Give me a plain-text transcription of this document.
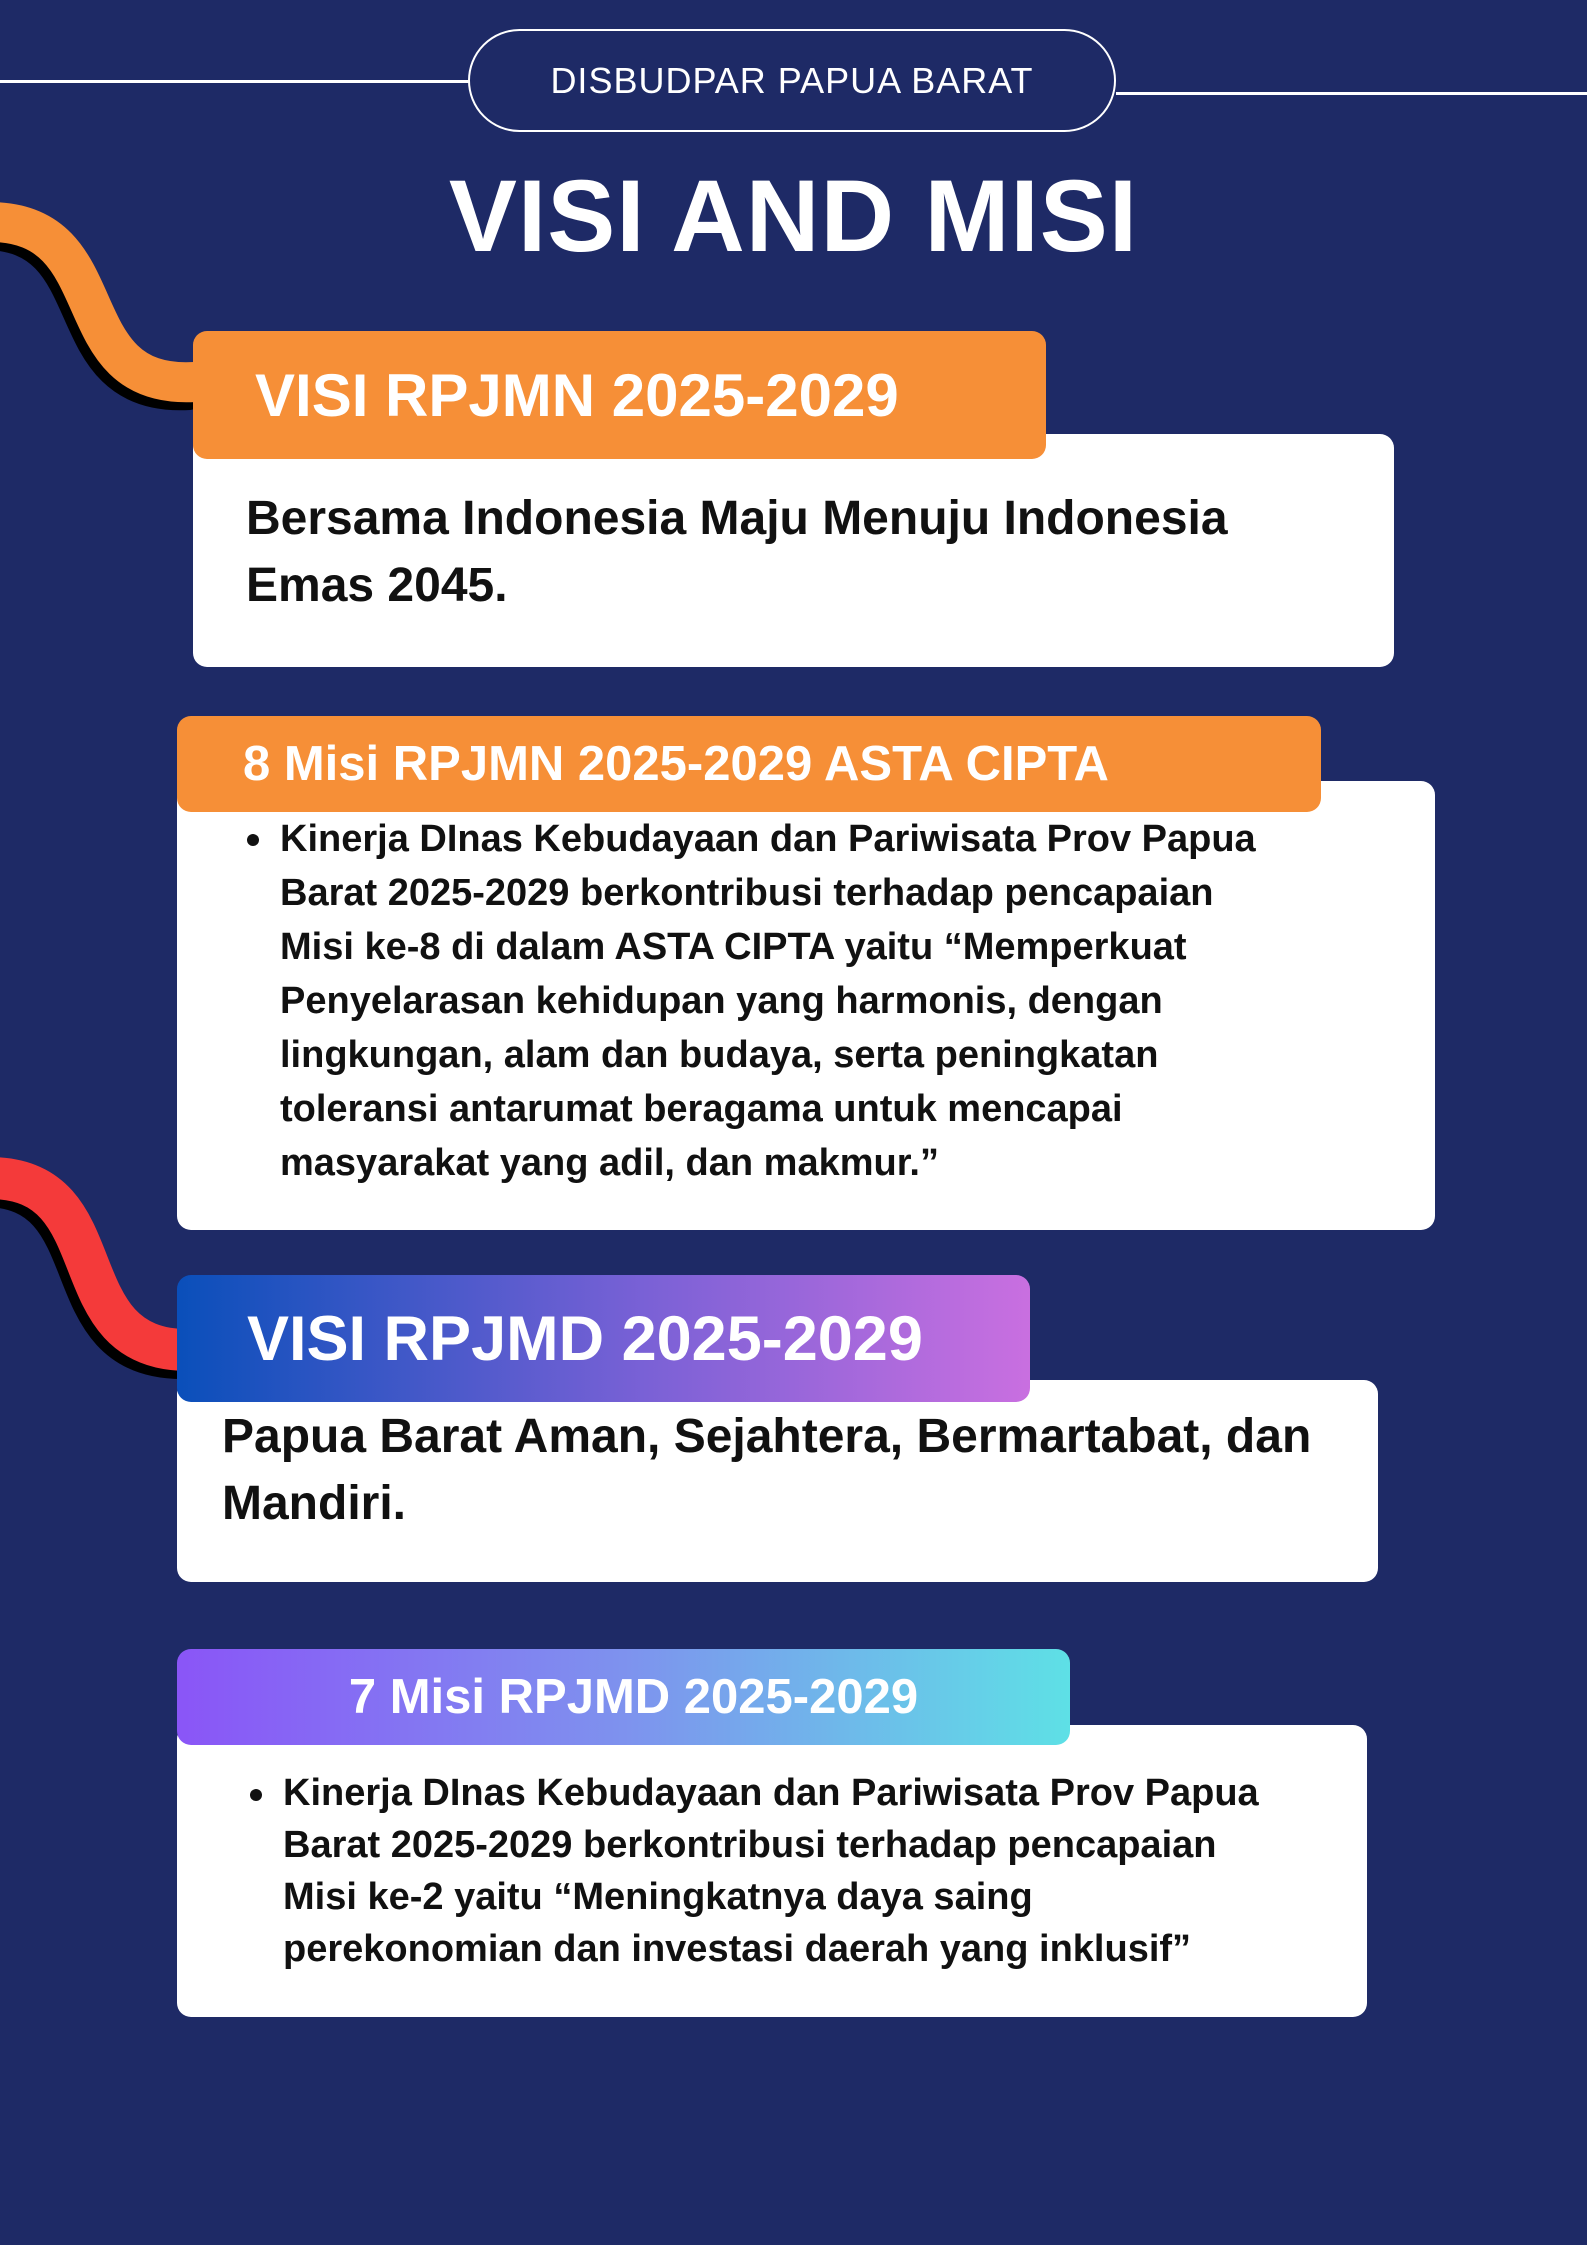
DISBUDPAR PAPUA BARAT
VISI AND MISI
VISI RPJMN 2025-2029
Bersama Indonesia Maju Menuju Indonesia Emas 2045.
8 Misi RPJMN 2025-2029 ASTA CIPTA
Kinerja DInas Kebudayaan dan Pariwisata Prov Papua
Barat 2025-2029 berkontribusi terhadap pencapaian
Misi ke-8 di dalam ASTA CIPTA yaitu “Memperkuat
Penyelarasan kehidupan yang harmonis, dengan
lingkungan, alam dan budaya, serta peningkatan
toleransi antarumat beragama untuk mencapai
masyarakat yang adil, dan makmur.”
VISI RPJMD 2025-2029
Papua Barat Aman, Sejahtera, Bermartabat, dan Mandiri.
7 Misi RPJMD 2025-2029
Kinerja DInas Kebudayaan dan Pariwisata Prov Papua
Barat 2025-2029 berkontribusi terhadap pencapaian
Misi ke-2 yaitu “Meningkatnya daya saing
perekonomian dan investasi daerah yang inklusif”
